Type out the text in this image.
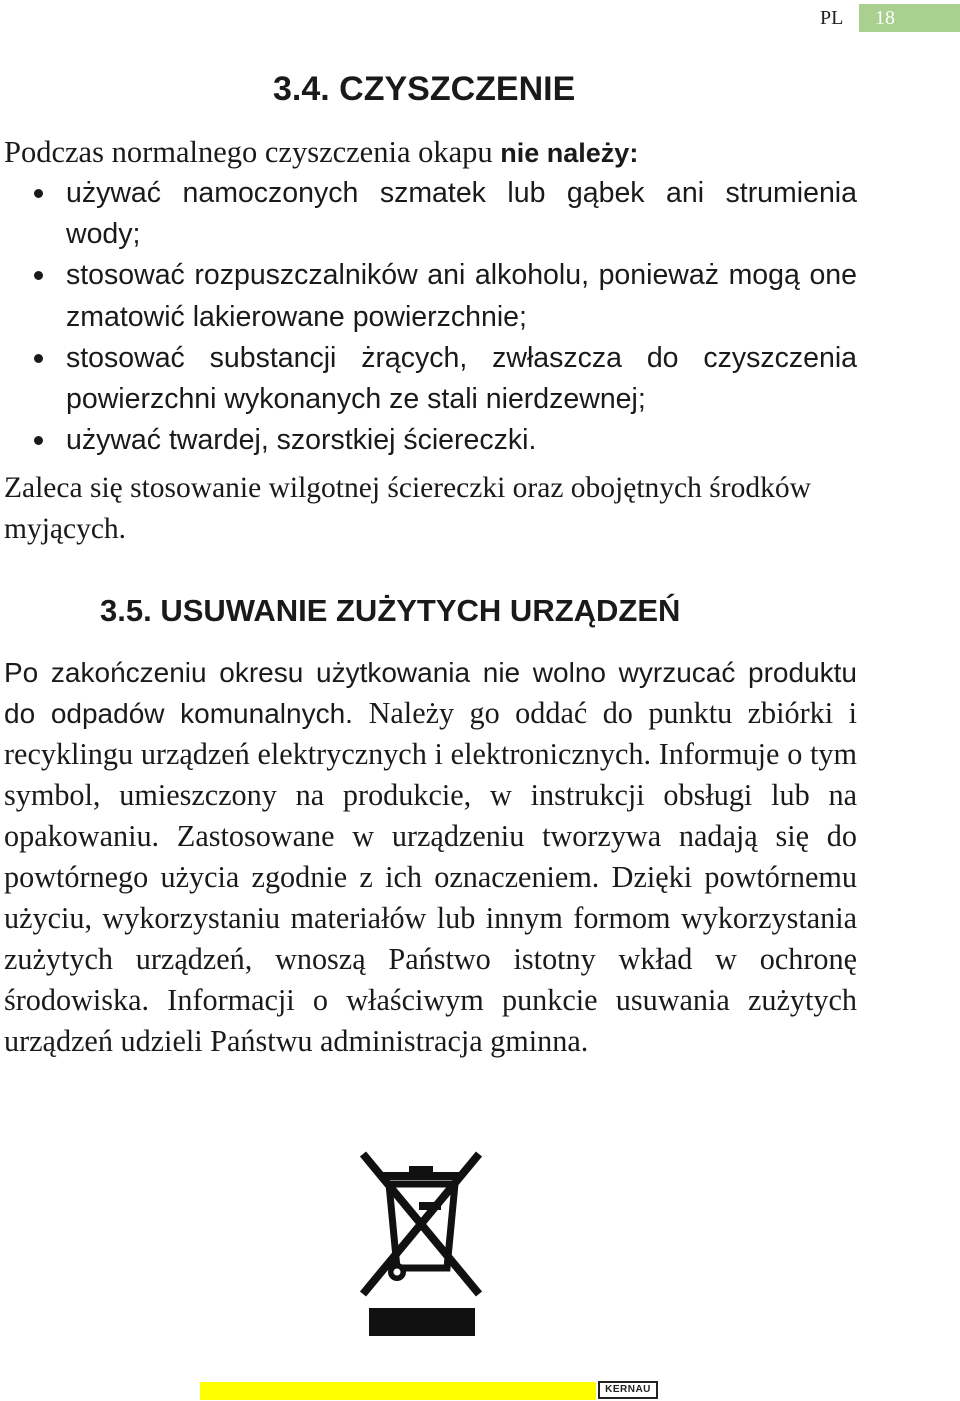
PL	18
3.4. CZYSZCZENIE

Podczas normalnego czyszczenia okapu nie należy:

używać namoczonych szmatek lub gąbek ani strumienia wody;
stosować rozpuszczalników ani alkoholu, ponieważ mogą one zmatowić lakierowane powierzchnie;
stosować substancji żrących, zwłaszcza do czyszczenia powierzchni wykonanych ze stali nierdzewnej;
używać twardej, szorstkiej ściereczki.

Zaleca się stosowanie wilgotnej ściereczki oraz obojętnych środków myjących.

3.5. USUWANIE ZUŻYTYCH URZĄDZEŃ

Po zakończeniu okresu użytkowania nie wolno wyrzucać produktu do odpadów komunalnych. Należy go oddać do punktu zbiórki i recyklingu urządzeń elektrycznych i elektronicznych. Informuje o tym symbol, umieszczony na produkcie, w instrukcji obsługi lub na opakowaniu. Zastosowane w urządzeniu tworzywa nadają się do powtórnego użycia zgodnie z ich oznaczeniem. Dzięki powtórnemu użyciu, wykorzystaniu materiałów lub innym formom wykorzystania zużytych urządzeń, wnoszą Państwo istotny wkład w ochronę środowiska. Informacji o właściwym punkcie usuwania zużytych urządzeń udzieli Państwu administracja gminna.

KERNAU
